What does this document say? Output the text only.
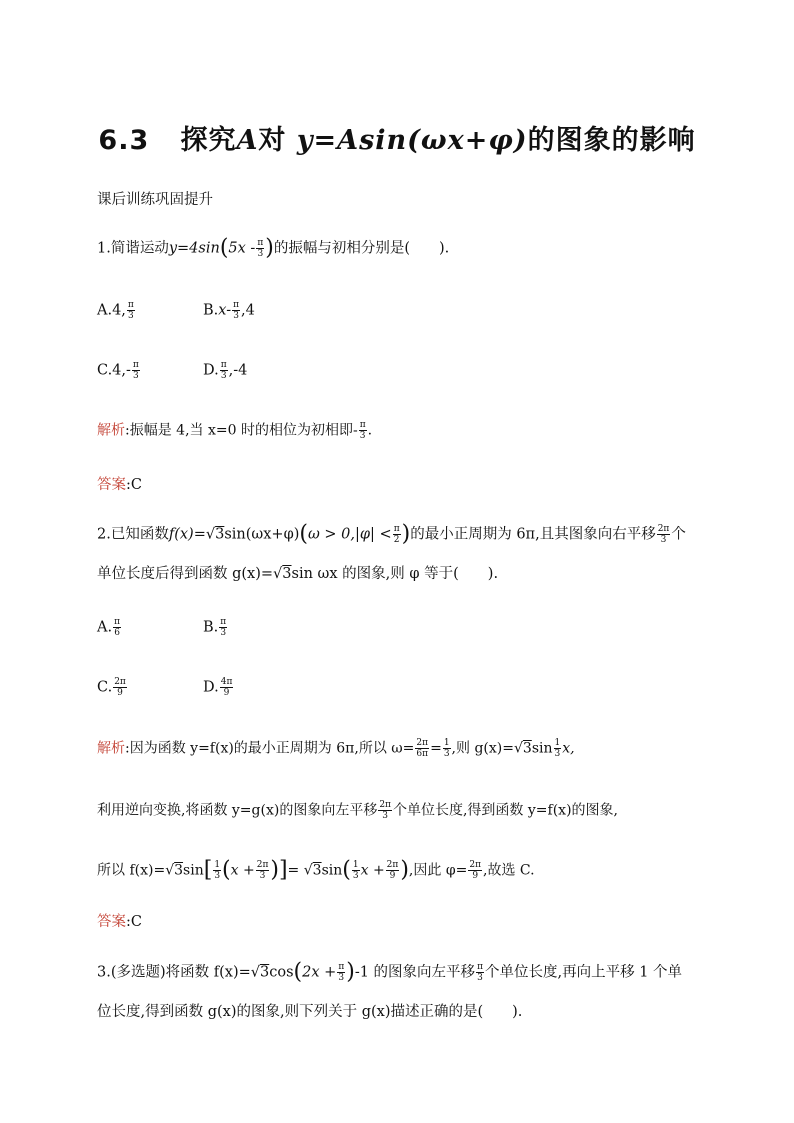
6.3 探究A对 y=Asin(ωx+φ)的图象的影响
课后训练巩固提升
1.简谐运动$y=4\sin(5x - \frac{\pi}{3}$ )的振幅与初相分别是(　　).
A.4, $\frac{\pi}{3}$	$B.x- \frac{\pi}{3} ,4$
$C.4,- \frac{\pi}{3}$	D. $\frac{\pi}{3} ,-4$
解析:振幅是 4,当 x=0 时的相位为初相即- $\frac{\pi}{3}$ .
答案:C
2.已知函数$f(x)=√3\sin(\omega x+\varphi)(\omega > 0,|\varphi| < \frac{\pi}{2}$ )的最小正周期为 6π,且其图象向右平移 $\frac{2\pi}{3}$ 个
单位长度后得到函数 g(x)=√3sin ωx 的图象,则 φ 等于(　　).
A. $\frac{\pi}{6}$	B. $\frac{\pi}{3}$
C. $\frac{2\pi}{9}$	D. $\frac{4\pi}{9}$
解析:因为函数 y=f(x)的最小正周期为 6π,所以 $\omega= \frac{2\pi}{6\pi} = \frac{1}{3}$ ,则 $g(x)=√3\sin \frac{1}{3} x$,
利用逆向变换,将函数 y=g(x)的图象向左平移 $\frac{2\pi}{3}$ 个单位长度,得到函数 y=f(x)的图象,
所以 $f(x)=√3\sin[ \frac{1}{3} (x + \frac{2\pi}{3}$ )]= $√3\sin( \frac{1}{3}$ $x + \frac{2\pi}{9}$ ),因此 $\varphi= \frac{2\pi}{9}$ ,故选 C.
答案:C
3.(多选题)将函数 $f(x)=√3\cos(2x + \frac{\pi}{3} )-1$ 的图象向左平移 $\frac{\pi}{3}$ 个单位长度,再向上平移 1 个单
位长度,得到函数 g(x)的图象,则下列关于 g(x)描述正确的是(　　).
